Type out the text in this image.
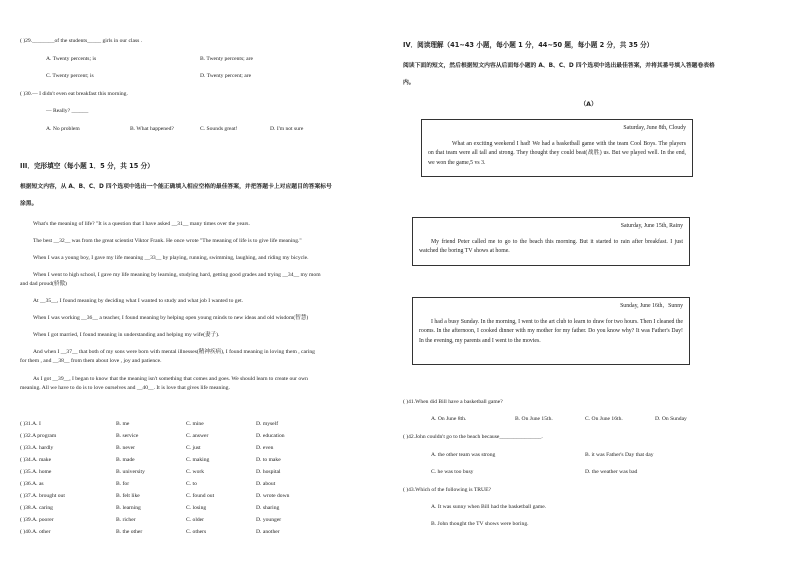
( )29.________of the students_____ girls in our class .
A. Twenty percents; is	B. Twenty percents; are
C. Twenty percent; is	D. Twenty percent; are
( )30.— I didn't even eat breakfast this morning.
— Really? ______
A. No problem	B. What happened?	C. Sounds great!	D. I'm not sure
III．完形填空（每小题 1．5 分，共 15 分）
根据短文内容，从 A、B、C、D 四个选项中选出一个能正确填入相应空格的最佳答案，并把答题卡上对应题目的答案标号
涂黑。
What's the meaning of life? "It is a question that I have asked __31__ many times over the years.
The best __32__ was from the great scientist Viktor Frank. He once wrote "The meaning of life is to give life meaning."
When I was a young boy, I gave my life meaning __33__ by playing, running, swimming, laughing, and riding my bicycle.
When I went to high school, I gave my life meaning by learning, studying hard, getting good grades and trying __34__ my mom
and dad proud(骄傲)
At __35__, I found meaning by deciding what I wanted to study and what job I wanted to get.
When I was working __36__ a teacher, I found meaning by helping open young minds to new ideas and old wisdom(智慧)
When I got married, I found meaning in understanding and helping my wife(妻子).
And when I __37__ that both of my sons were born with mental illnesses(精神疾病), I found meaning in loving them , caring
for them , and __38__ from them about love , joy and patience.
As I got __39__, I began to know that the meaning isn't something that comes and goes. We should learn to create our own
meaning. All we have to do is to love ourselves and __40__. It is love that gives life meaning.
( )31.A. I	B. me	C. mine	D. myself
( )32.A program	B. service	C. answer	D. education
( )33.A. hardly	B. never	C. just	D. even
( )34.A. make	B. made	C. making	D. to make
( )35.A. home	B. university	C. work	D. hospital
( )36.A. as	B. for	C. to	D. about
( )37.A. brought out	B. felt like	C. found out	D. wrote down
( )38.A. caring	B. learning	C. losing	D. sharing
( )39.A. poorer	B. richer	C. older	D. younger
( )40.A. other	B. the other	C. others	D. another
IV．阅读理解（41~43 小题，每小题 1 分，44~50 题，每小题 2 分，共 35 分）
阅读下面的短文，然后根据短文内容从后面每小题的 A、B、C、D 四个选项中选出最佳答案，并将其番号填入答题卷表格
内。
（A）
Saturday, June 8th, Cloudy
What an exciting weekend I had! We had a basketball game with the team Cool Boys. The players on that team were all tall and strong. They thought they could beat(战胜) us. But we played well. In the end, we won the game,5 vs 3.
Saturday, June 15th, Rainy
My friend Peter called me to go to the beach this morning. But it started to rain after breakfast. I just watched the boring TV shows at home.
Sunday, June 16th，Sunny
I had a busy Sunday. In the morning, I went to the art club to learn to draw for two hours. Then I cleaned the rooms. In the afternoon, I cooked dinner with my mother for my father. Do you know why? It was Father's Day! In the evening, my parents and I went to the movies.
( )41.When did Bill have a basketball game?
A. On June 8th.	B. On June 15th.	C. On June 16th.	D. On Sunday
( )42.John couldn't go to the beach because_______________.
A. the other team was strong	B. it was Father's Day that day
C. he was too busy	D. the weather was bad
( )43.Which of the following is TRUE?
A. It was sunny when Bill had the basketball game.
B. John thought the TV shows were boring.
